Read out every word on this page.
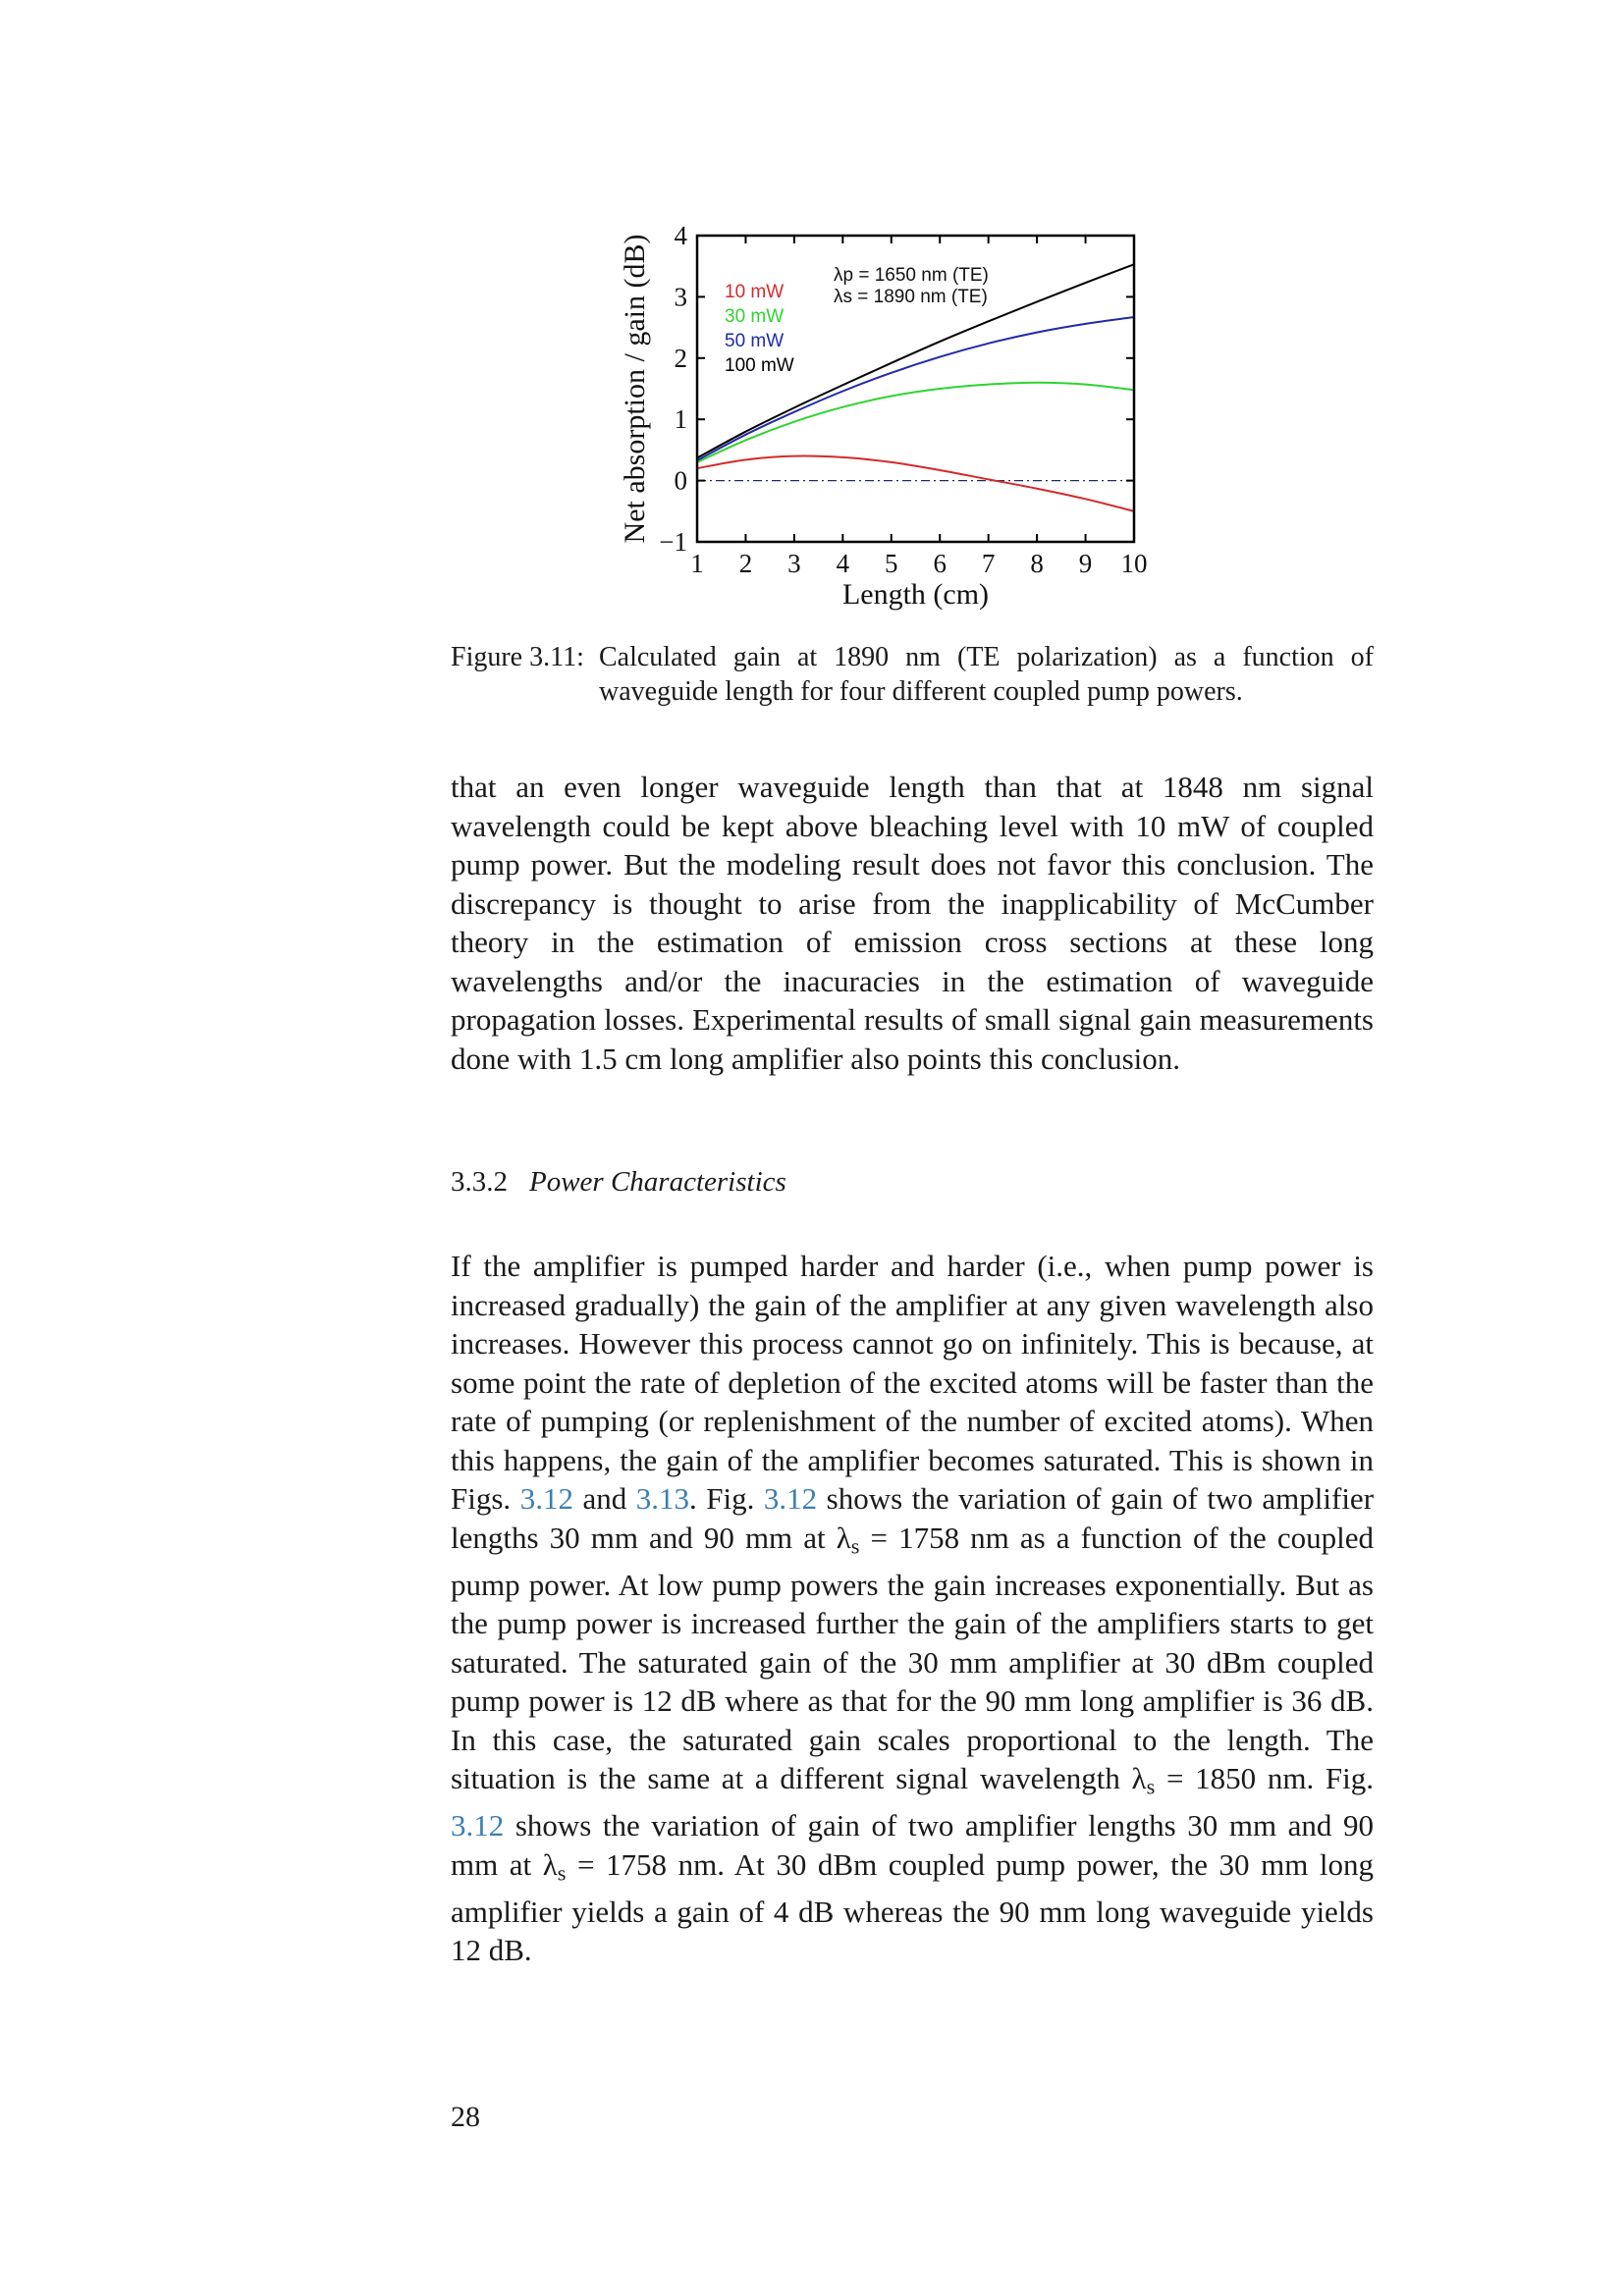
1 2 3 4 5 6 7 8 9 10
−1
0
1
2
3
4
Length (cm)
Net absorption / gain (dB)	10 mW
30 mW
50 mW
100 mW
λp = 1650 nm (TE)
λs = 1890 nm (TE)
Figure 3.11: Calculated gain at 1890 nm (TE polarization) as a function of waveguide length for four different coupled pump powers.

that an even longer waveguide length than that at 1848 nm signal wavelength could be kept above bleaching level with 10 mW of coupled pump power. But the modeling result does not favor this conclusion. The discrepancy is thought to arise from the inapplicability of McCumber theory in the estimation of emission cross sections at these long wavelengths and/or the inacuracies in the estimation of waveguide propagation losses. Experimental results of small signal gain measurements done with 1.5 cm long amplifier also points this conclusion.

3.3.2 Power Characteristics

If the amplifier is pumped harder and harder (i.e., when pump power is increased gradually) the gain of the amplifier at any given wavelength also increases. However this process cannot go on infinitely. This is because, at some point the rate of depletion of the excited atoms will be faster than the rate of pumping (or replenishment of the number of excited atoms). When this happens, the gain of the amplifier becomes saturated. This is shown in Figs. 3.12 and 3.13. Fig. 3.12 shows the variation of gain of two amplifier lengths 30 mm and 90 mm at $\lambda_s = 1758$ nm as a function of the coupled pump power. At low pump powers the gain increases exponentially. But as the pump power is increased further the gain of the amplifiers starts to get saturated. The saturated gain of the 30 mm amplifier at 30 dBm coupled pump power is 12 dB where as that for the 90 mm long amplifier is 36 dB. In this case, the saturated gain scales proportional to the length. The situation is the same at a different signal wavelength $\lambda_s = 1850$ nm. Fig. 3.12 shows the variation of gain of two amplifier lengths 30 mm and 90 mm at $\lambda_s = 1758$ nm. At 30 dBm coupled pump power, the 30 mm long amplifier yields a gain of 4 dB whereas the 90 mm long waveguide yields 12 dB.

28
